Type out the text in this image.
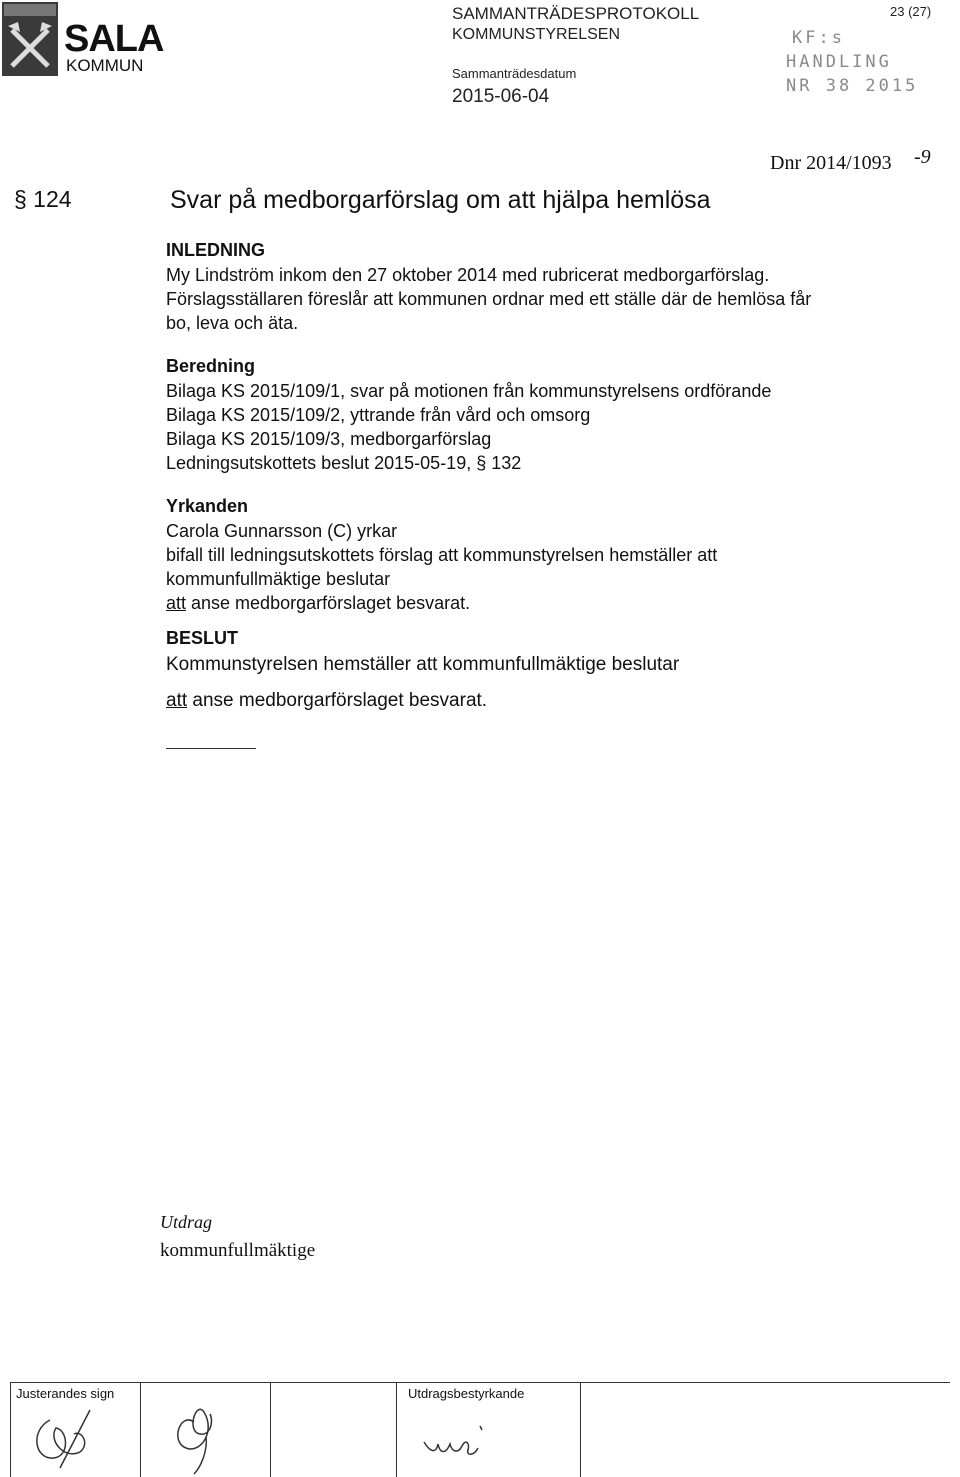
SALA
KOMMUN
SAMMANTRÄDESPROTOKOLL
KOMMUNSTYRELSEN
Sammanträdesdatum
2015-06-04
23 (27)
KF:s
HANDLING
NR 38 2015
Dnr 2014/1093 -9
§ 124	Svar på medborgarförslag om att hjälpa hemlösa
INLEDNING
My Lindström inkom den 27 oktober 2014 med rubricerat medborgarförslag.
Förslagsställaren föreslår att kommunen ordnar med ett ställe där de hemlösa får
bo, leva och äta.
Beredning
Bilaga KS 2015/109/1, svar på motionen från kommunstyrelsens ordförande
Bilaga KS 2015/109/2, yttrande från vård och omsorg
Bilaga KS 2015/109/3, medborgarförslag
Ledningsutskottets beslut 2015-05-19, § 132
Yrkanden
Carola Gunnarsson (C) yrkar
bifall till ledningsutskottets förslag att kommunstyrelsen hemställer att
kommunfullmäktige beslutar
att anse medborgarförslaget besvarat.
BESLUT
Kommunstyrelsen hemställer att kommunfullmäktige beslutar
att anse medborgarförslaget besvarat.
Utdrag
kommunfullmäktige
Justerandes sign	Utdragsbestyrkande
